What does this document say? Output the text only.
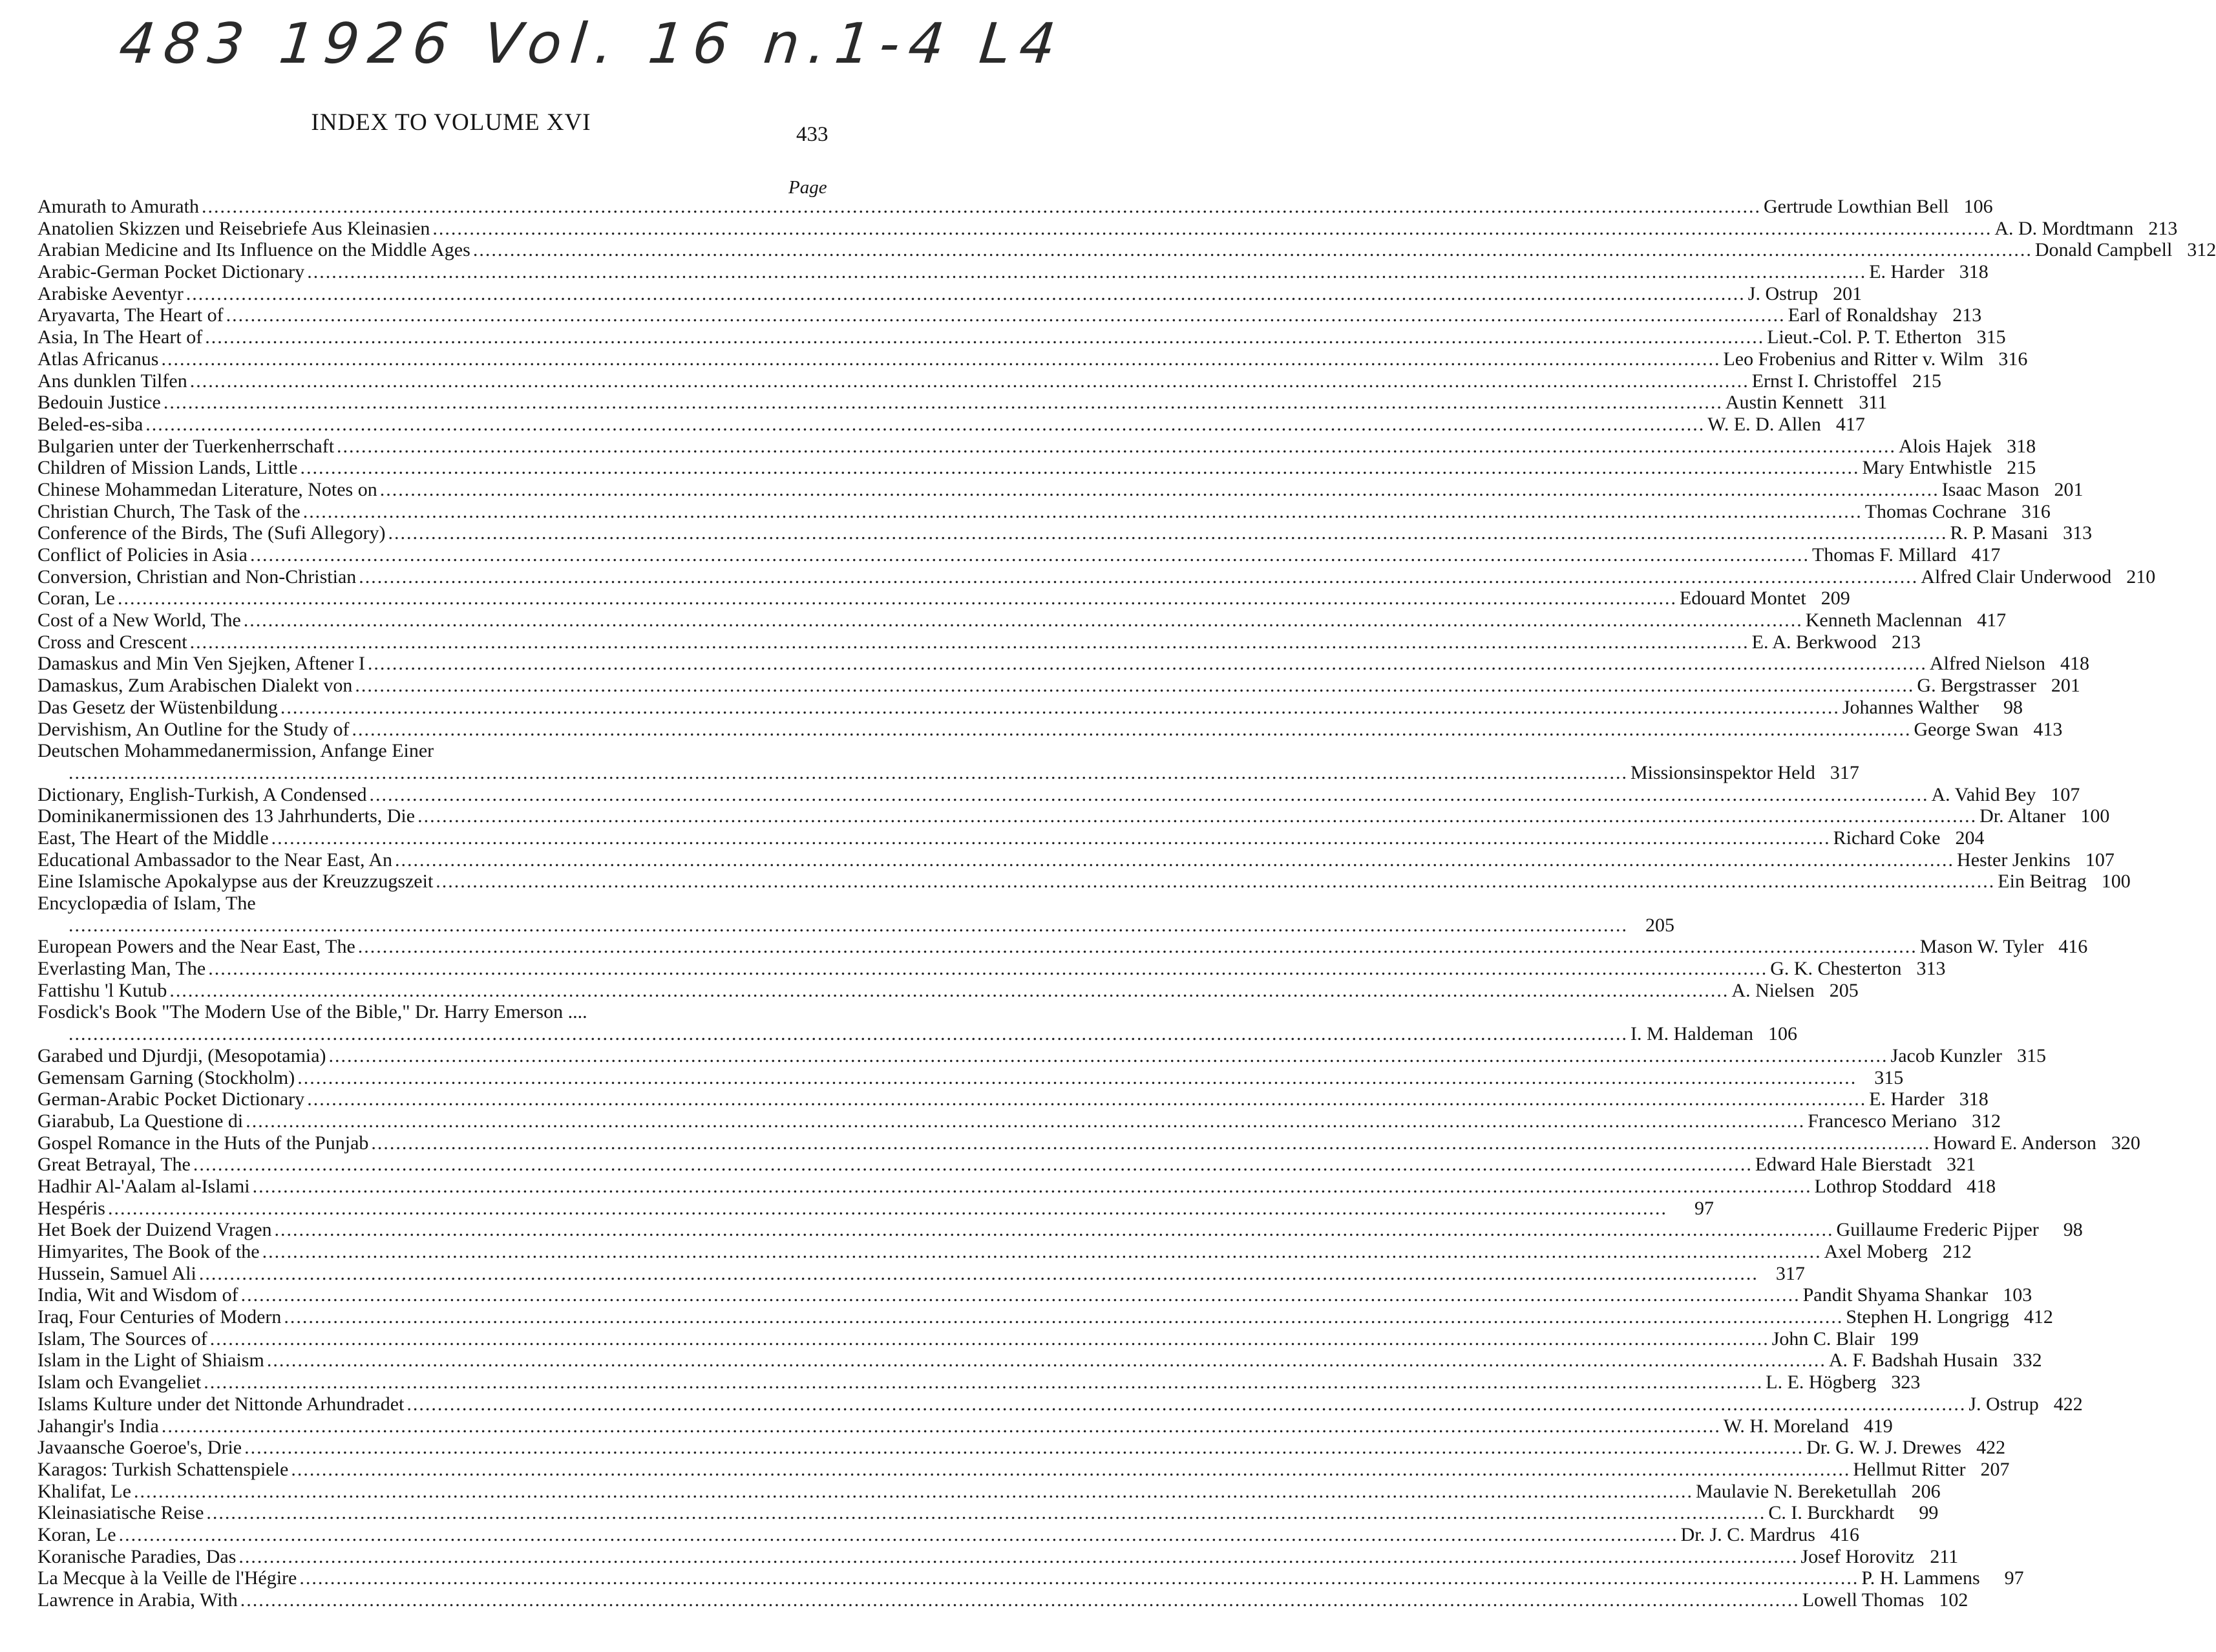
483 1926 Vol. 16 n.1-4 L4
INDEX TO VOLUME XVI	433
Page
Amurath to Amurath .....	Gertrude Lowthian Bell 106
Anatolien Skizzen und Reisebriefe Aus Kleinasien .....	A. D. Mordtmann 213
Arabian Medicine and Its Influence on the Middle Ages .....	Donald Campbell 312
Arabic-German Pocket Dictionary .....	E. Harder 318
Arabiske Aeventyr .....	J. Ostrup 201
Aryavarta, The Heart of .....	Earl of Ronaldshay 213
Asia, In The Heart of .....	Lieut.-Col. P. T. Etherton 315
Atlas Africanus .....	Leo Frobenius and Ritter v. Wilm 316
Ans dunklen Tilfen .....	Ernst I. Christoffel 215
Bedouin Justice .....	Austin Kennett 311
Beled-es-siba .....	W. E. D. Allen 417
Bulgarien unter der Tuerkenherrschaft .....	Alois Hajek 318
Children of Mission Lands, Little .....	Mary Entwhistle 215
Chinese Mohammedan Literature, Notes on .....	Isaac Mason 201
Christian Church, The Task of the .....	Thomas Cochrane 316
Conference of the Birds, The (Sufi Allegory) .....	R. P. Masani 313
Conflict of Policies in Asia .....	Thomas F. Millard 417
Conversion, Christian and Non-Christian .....	Alfred Clair Underwood 210
Coran, Le .....	Edouard Montet 209
Cost of a New World, The .....	Kenneth Maclennan 417
Cross and Crescent .....	E. A. Berkwood 213
Damaskus and Min Ven Sjejken, Aftener I .....	Alfred Nielson 418
Damaskus, Zum Arabischen Dialekt von .....	G. Bergstrasser 201
Das Gesetz der Wüstenbildung .....	Johannes Walther	98
Dervishism, An Outline for the Study of .....	George Swan 413
Deutschen Mohammedanermission, Anfange Einer
.....
Missionsinspektor Held 317
Dictionary, English-Turkish, A Condensed .....	A. Vahid Bey 107
Dominikanermissionen des 13 Jahrhunderts, Die .....	Dr. Altaner 100
East, The Heart of the Middle .....	Richard Coke 204
Educational Ambassador to the Near East, An .....	Hester Jenkins 107
Eine Islamische Apokalypse aus der Kreuzzugszeit .....	Ein Beitrag 100
Encyclopædia of Islam, The
.....
205
European Powers and the Near East, The .....	Mason W. Tyler 416
Everlasting Man, The .....	G. K. Chesterton 313
Fattishu 'l Kutub .....	A. Nielsen 205
Fosdick's Book "The Modern Use of the Bible," Dr. Harry Emerson ....
.....
I. M. Haldeman 106
Garabed und Djurdji, (Mesopotamia) .....	Jacob Kunzler 315
Gemensam Garning (Stockholm) .....	315
German-Arabic Pocket Dictionary .....	E. Harder 318
Giarabub, La Questione di .....	Francesco Meriano 312
Gospel Romance in the Huts of the Punjab .....	Howard E. Anderson 320
Great Betrayal, The .....	Edward Hale Bierstadt 321
Hadhir Al-'Aalam al-Islami .....	Lothrop Stoddard 418
Hespéris .....	97
Het Boek der Duizend Vragen .....	Guillaume Frederic Pijper	98
Himyarites, The Book of the .....	Axel Moberg 212
Hussein, Samuel Ali .....	317
India, Wit and Wisdom of .....	Pandit Shyama Shankar 103
Iraq, Four Centuries of Modern .....	Stephen H. Longrigg 412
Islam, The Sources of .....	John C. Blair 199
Islam in the Light of Shiaism .....	A. F. Badshah Husain 332
Islam och Evangeliet .....	L. E. Högberg 323
Islams Kulture under det Nittonde Arhundradet .....	J. Ostrup 422
Jahangir's India .....	W. H. Moreland 419
Javaansche Goeroe's, Drie .....	Dr. G. W. J. Drewes 422
Karagos: Turkish Schattenspiele .....	Hellmut Ritter 207
Khalifat, Le .....	Maulavie N. Bereketullah 206
Kleinasiatische Reise .....	C. I. Burckhardt	99
Koran, Le .....	Dr. J. C. Mardrus 416
Koranische Paradies, Das .....	Josef Horovitz 211
La Mecque à la Veille de l'Hégire .....	P. H. Lammens	97
Lawrence in Arabia, With .....	Lowell Thomas 102
